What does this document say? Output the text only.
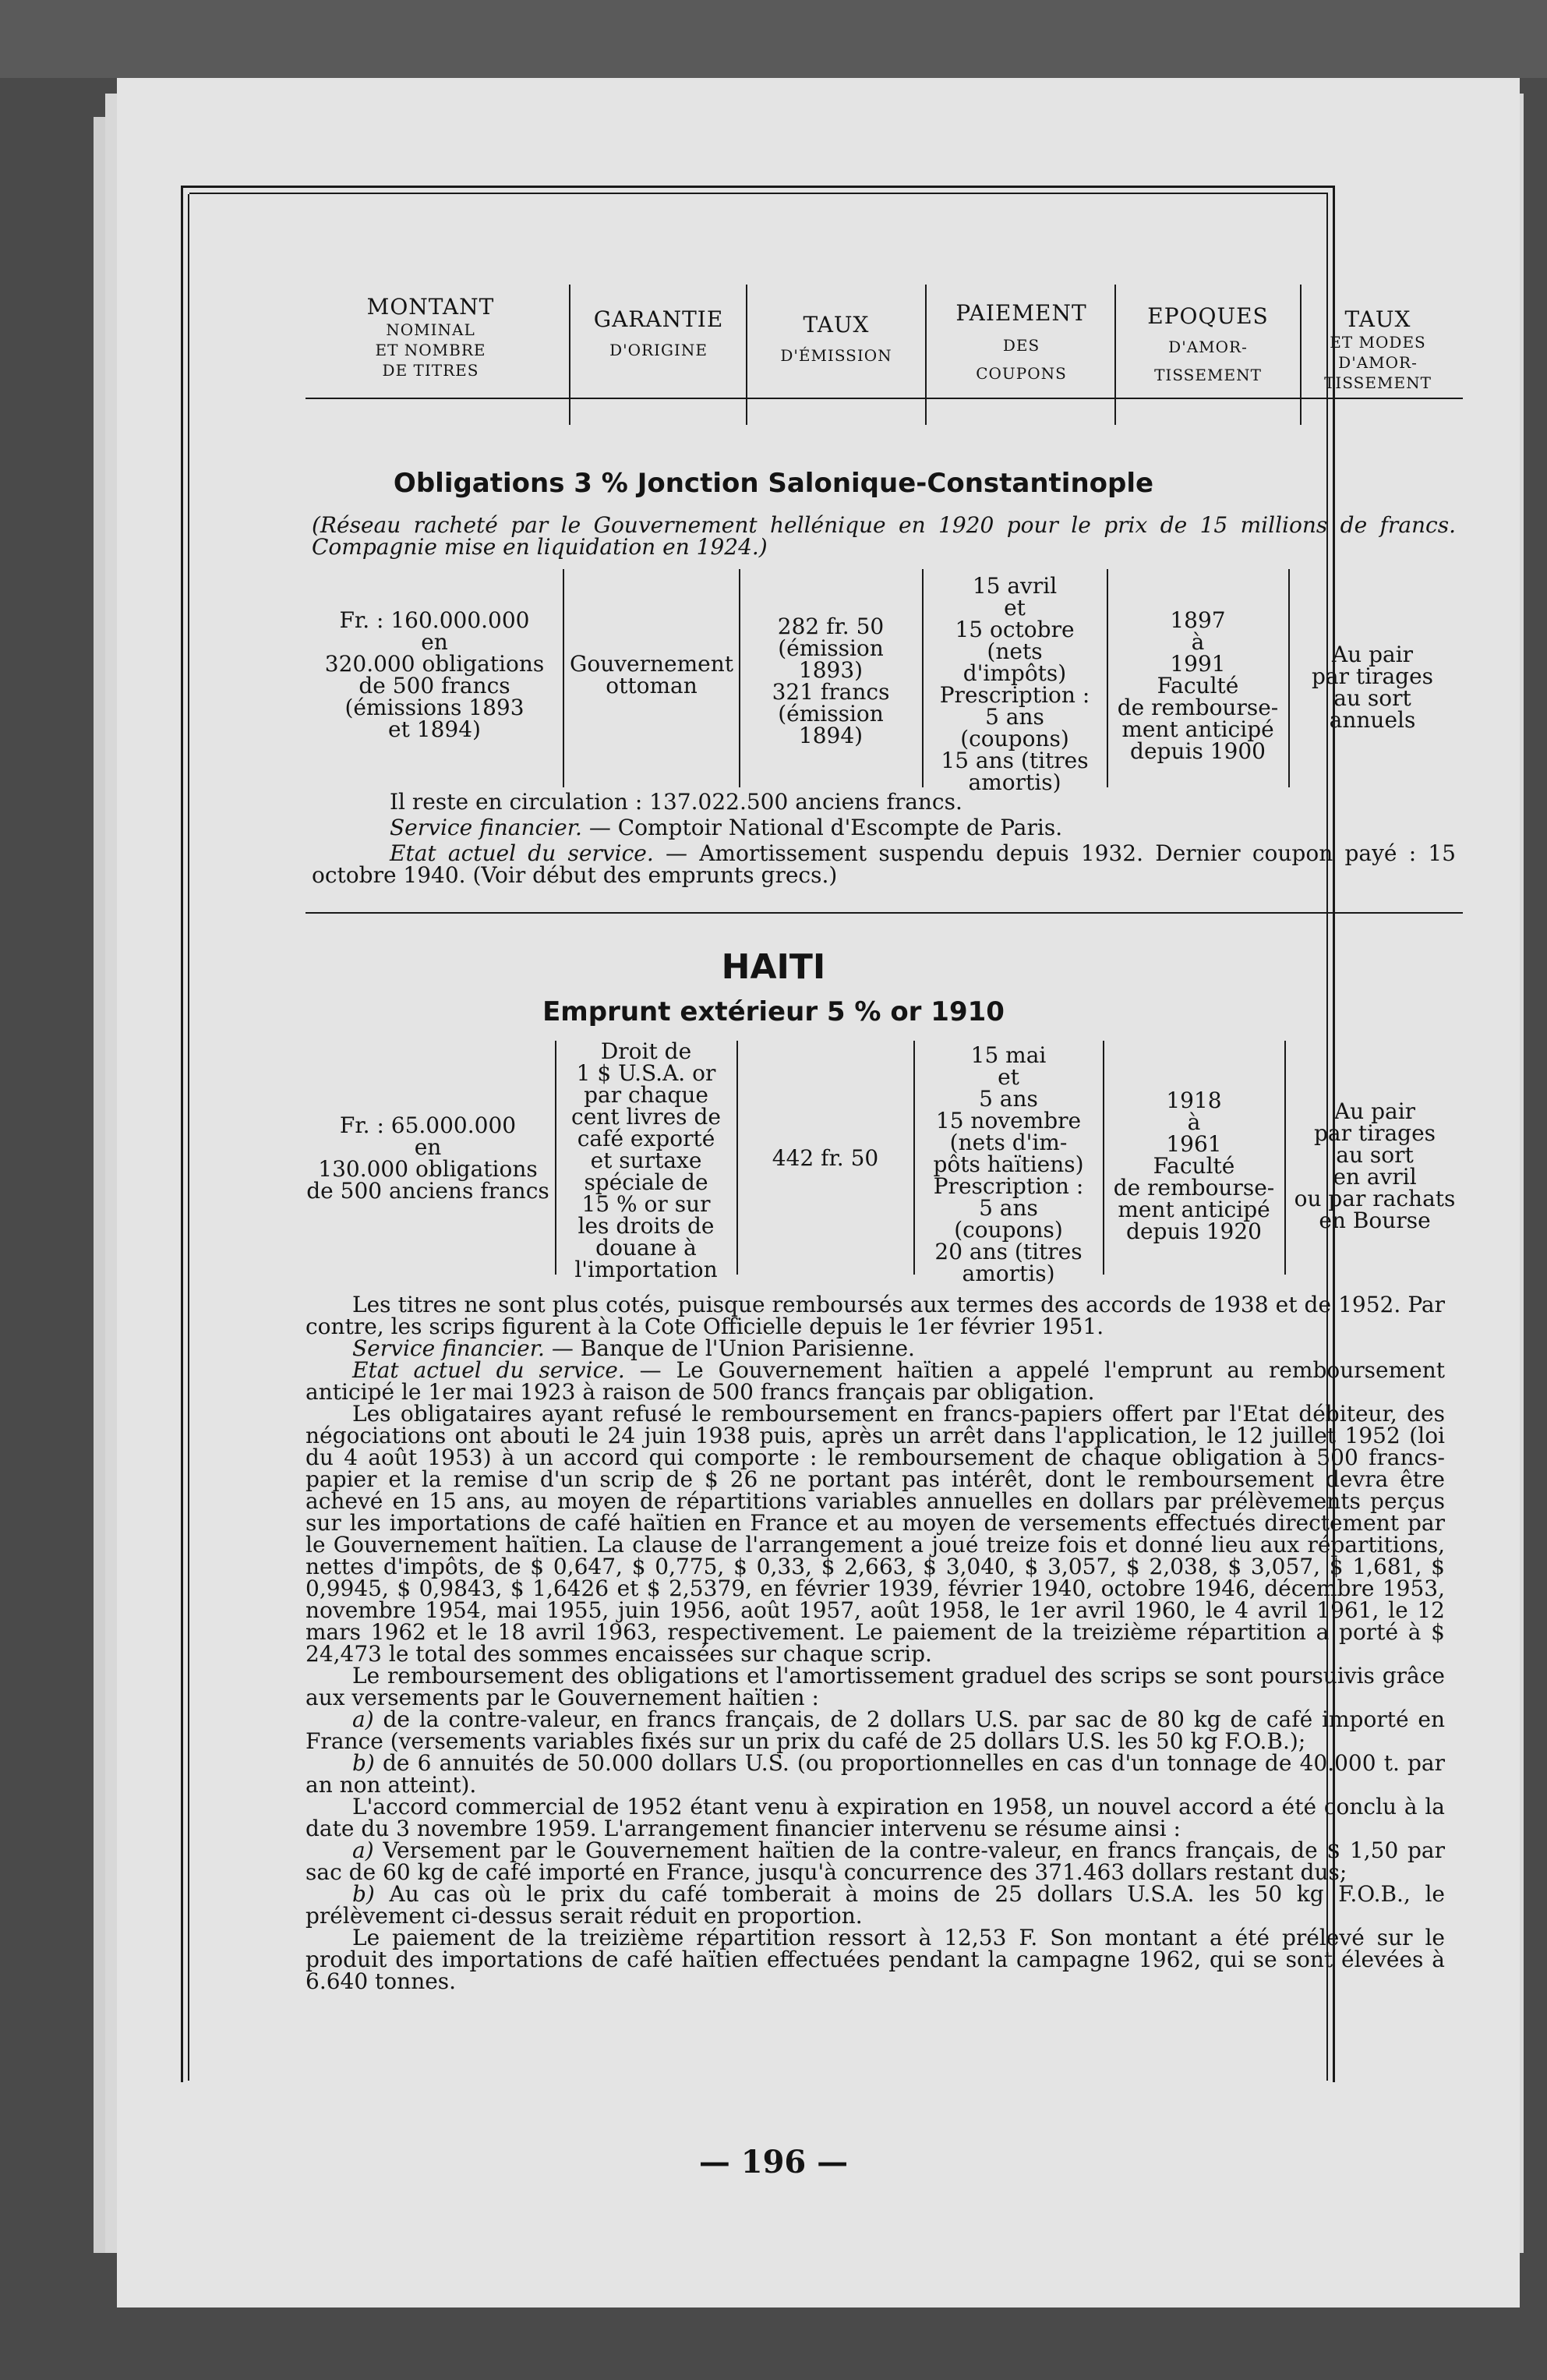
MONTANT
NOMINAL
ET NOMBRE
DE TITRES
GARANTIE
D'ORIGINE
TAUX
D'ÉMISSION
PAIEMENT
DES
COUPONS
EPOQUES
D'AMOR-
TISSEMENT
TAUX
ET MODES
D'AMOR-
TISSEMENT
Obligations 3 % Jonction Salonique-Constantinople
(Réseau racheté par le Gouvernement hellénique en 1920 pour le prix de 15 millions de francs. Compagnie mise en liquidation en 1924.)
Fr. : 160.000.000
en
320.000 obligations
de 500 francs
(émissions 1893
et 1894)
Gouvernement
ottoman
282 fr. 50
(émission
1893)
321 francs
(émission
1894)
15 avril
et
15 octobre
(nets
d'impôts)
Prescription :
5 ans
(coupons)
15 ans (titres
amortis)
1897
à
1991
Faculté
de rembourse-
ment anticipé
depuis 1900
Au pair
par tirages
au sort
annuels

Il reste en circulation : 137.022.500 anciens francs.

Service financier. — Comptoir National d'Escompte de Paris.

Etat actuel du service. — Amortissement suspendu depuis 1932. Dernier coupon payé : 15 octobre 1940. (Voir début des emprunts grecs.)

HAITI
Emprunt extérieur 5 % or 1910
Fr. : 65.000.000
en
130.000 obligations
de 500 anciens francs
Droit de
1 $ U.S.A. or
par chaque
cent livres de
café exporté
et surtaxe
spéciale de
15 % or sur
les droits de
douane à
l'importation
442 fr. 50
15 mai
et
5 ans
15 novembre
(nets d'im-
pôts haïtiens)
Prescription :
5 ans
(coupons)
20 ans (titres
amortis)
1918
à
1961
Faculté
de rembourse-
ment anticipé
depuis 1920
Au pair
par tirages
au sort
en avril
ou par rachats
en Bourse

Les titres ne sont plus cotés, puisque remboursés aux termes des accords de 1938 et de 1952. Par contre, les scrips figurent à la Cote Officielle depuis le 1er février 1951.

Service financier. — Banque de l'Union Parisienne.

Etat actuel du service. — Le Gouvernement haïtien a appelé l'emprunt au remboursement anticipé le 1er mai 1923 à raison de 500 francs français par obligation.

Les obligataires ayant refusé le remboursement en francs-papiers offert par l'Etat débiteur, des négociations ont abouti le 24 juin 1938 puis, après un arrêt dans l'application, le 12 juillet 1952 (loi du 4 août 1953) à un accord qui comporte : le remboursement de chaque obligation à 500 francs-papier et la remise d'un scrip de $ 26 ne portant pas intérêt, dont le remboursement devra être achevé en 15 ans, au moyen de répartitions variables annuelles en dollars par prélèvements perçus sur les importations de café haïtien en France et au moyen de versements effectués directement par le Gouvernement haïtien. La clause de l'arrangement a joué treize fois et donné lieu aux répartitions, nettes d'impôts, de $ 0,647, $ 0,775, $ 0,33, $ 2,663, $ 3,040, $ 3,057, $ 2,038, $ 3,057, $ 1,681, $ 0,9945, $ 0,9843, $ 1,6426 et $ 2,5379, en février 1939, février 1940, octobre 1946, décembre 1953, novembre 1954, mai 1955, juin 1956, août 1957, août 1958, le 1er avril 1960, le 4 avril 1961, le 12 mars 1962 et le 18 avril 1963, respectivement. Le paiement de la treizième répartition a porté à $ 24,473 le total des sommes encaissées sur chaque scrip.

Le remboursement des obligations et l'amortissement graduel des scrips se sont poursuivis grâce aux versements par le Gouvernement haïtien :

a) de la contre-valeur, en francs français, de 2 dollars U.S. par sac de 80 kg de café importé en France (versements variables fixés sur un prix du café de 25 dollars U.S. les 50 kg F.O.B.);

b) de 6 annuités de 50.000 dollars U.S. (ou proportionnelles en cas d'un tonnage de 40.000 t. par an non atteint).

L'accord commercial de 1952 étant venu à expiration en 1958, un nouvel accord a été conclu à la date du 3 novembre 1959. L'arrangement financier intervenu se résume ainsi :

a) Versement par le Gouvernement haïtien de la contre-valeur, en francs français, de $ 1,50 par sac de 60 kg de café importé en France, jusqu'à concurrence des 371.463 dollars restant dus;

b) Au cas où le prix du café tomberait à moins de 25 dollars U.S.A. les 50 kg F.O.B., le prélèvement ci-dessus serait réduit en proportion.

Le paiement de la treizième répartition ressort à 12,53 F. Son montant a été prélevé sur le produit des importations de café haïtien effectuées pendant la campagne 1962, qui se sont élevées à 6.640 tonnes.

— 196 —
